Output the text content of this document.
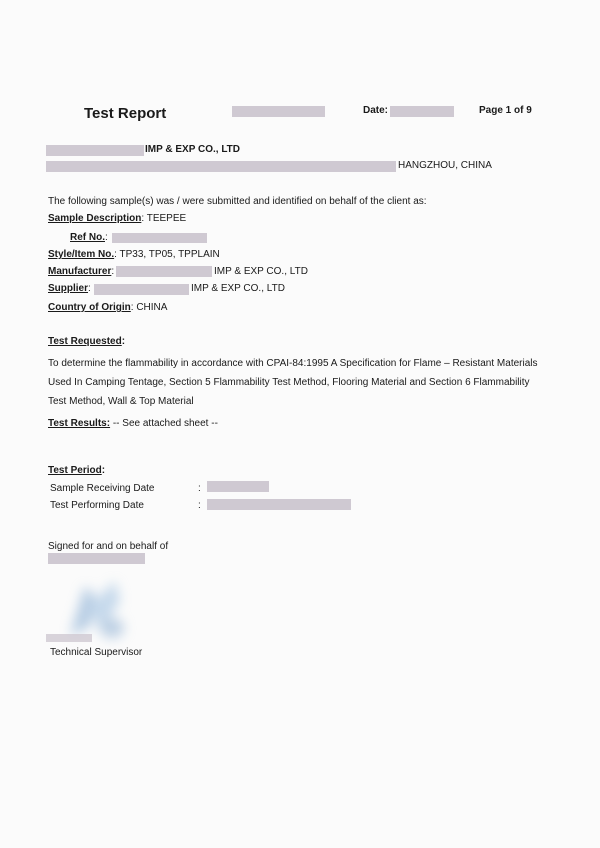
Test Report	Date:	Page 1 of 9
IMP & EXP CO., LTD
HANGZHOU, CHINA
The following sample(s) was / were submitted and identified on behalf of the client as:
Sample Description: TEEPEE
Ref No.:
Style/Item No.: TP33, TP05, TPPLAIN
Manufacturer:	IMP & EXP CO., LTD
Supplier:	IMP & EXP CO., LTD
Country of Origin: CHINA
Test Requested:
To determine the flammability in accordance with CPAI-84:1995 A Specification for Flame – Resistant Materials Used In Camping Tentage, Section 5 Flammability Test Method, Flooring Material and Section 6 Flammability Test Method, Wall & Top Material
Test Results: -- See attached sheet --
Test Period:
Sample Receiving Date	:
Test Performing Date	:
Signed for and on behalf of
Technical Supervisor
